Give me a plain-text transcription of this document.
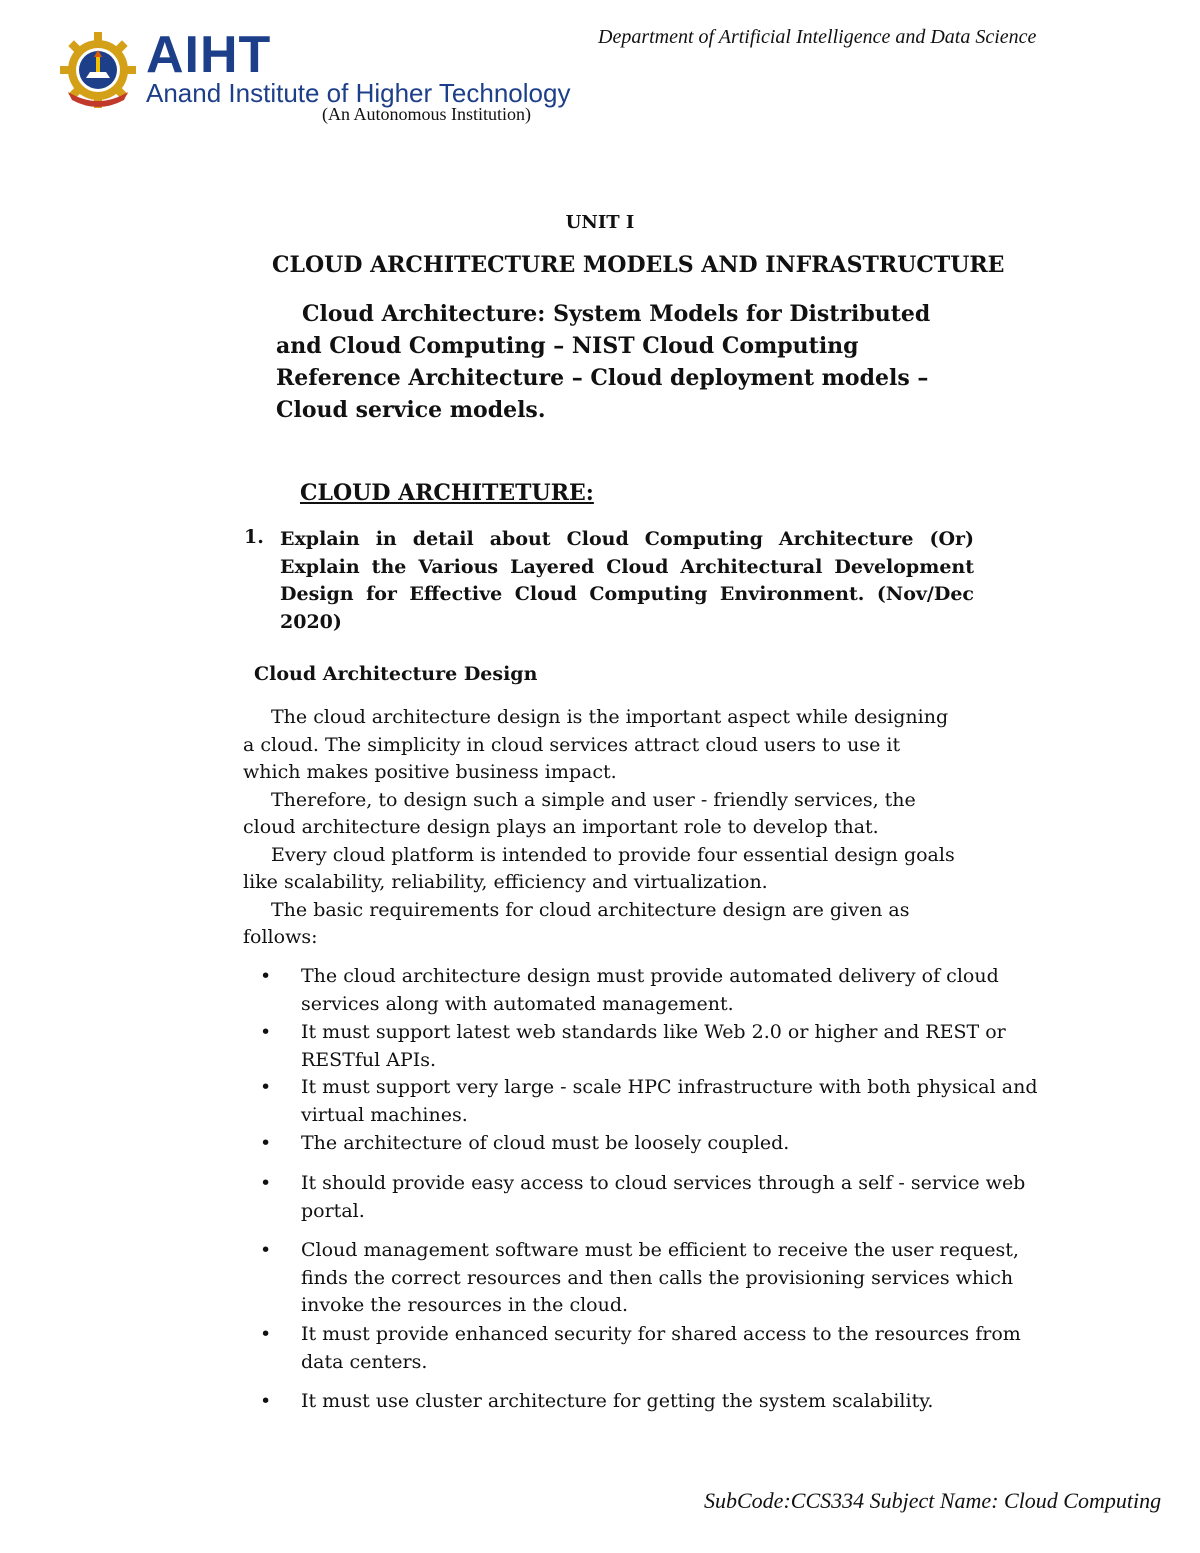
AIHT
Anand Institute of Higher Technology
(An Autonomous Institution)
Department of Artificial Intelligence and Data Science
UNIT I
CLOUD ARCHITECTURE MODELS AND INFRASTRUCTURE
Cloud Architecture: System Models for Distributed and Cloud Computing – NIST Cloud Computing Reference Architecture – Cloud deployment models – Cloud service models.
CLOUD ARCHITETURE:
1. Explain in detail about Cloud Computing Architecture (Or) Explain the Various Layered Cloud Architectural Development Design for Effective Cloud Computing Environment. (Nov/Dec 2020)
Cloud Architecture Design

The cloud architecture design is the important aspect while designing a cloud. The simplicity in cloud services attract cloud users to use it which makes positive business impact.

Therefore, to design such a simple and user - friendly services, the cloud architecture design plays an important role to develop that.

Every cloud platform is intended to provide four essential design goals like scalability, reliability, efficiency and virtualization.

The basic requirements for cloud architecture design are given as follows:

• The cloud architecture design must provide automated delivery of cloud services along with automated management.
• It must support latest web standards like Web 2.0 or higher and REST or RESTful APIs.
• It must support very large - scale HPC infrastructure with both physical and virtual machines.
• The architecture of cloud must be loosely coupled.
• It should provide easy access to cloud services through a self - service web portal.
• Cloud management software must be efficient to receive the user request, finds the correct resources and then calls the provisioning services which invoke the resources in the cloud.
• It must provide enhanced security for shared access to the resources from data centers.
• It must use cluster architecture for getting the system scalability.
SubCode:CCS334 Subject Name: Cloud Computing
